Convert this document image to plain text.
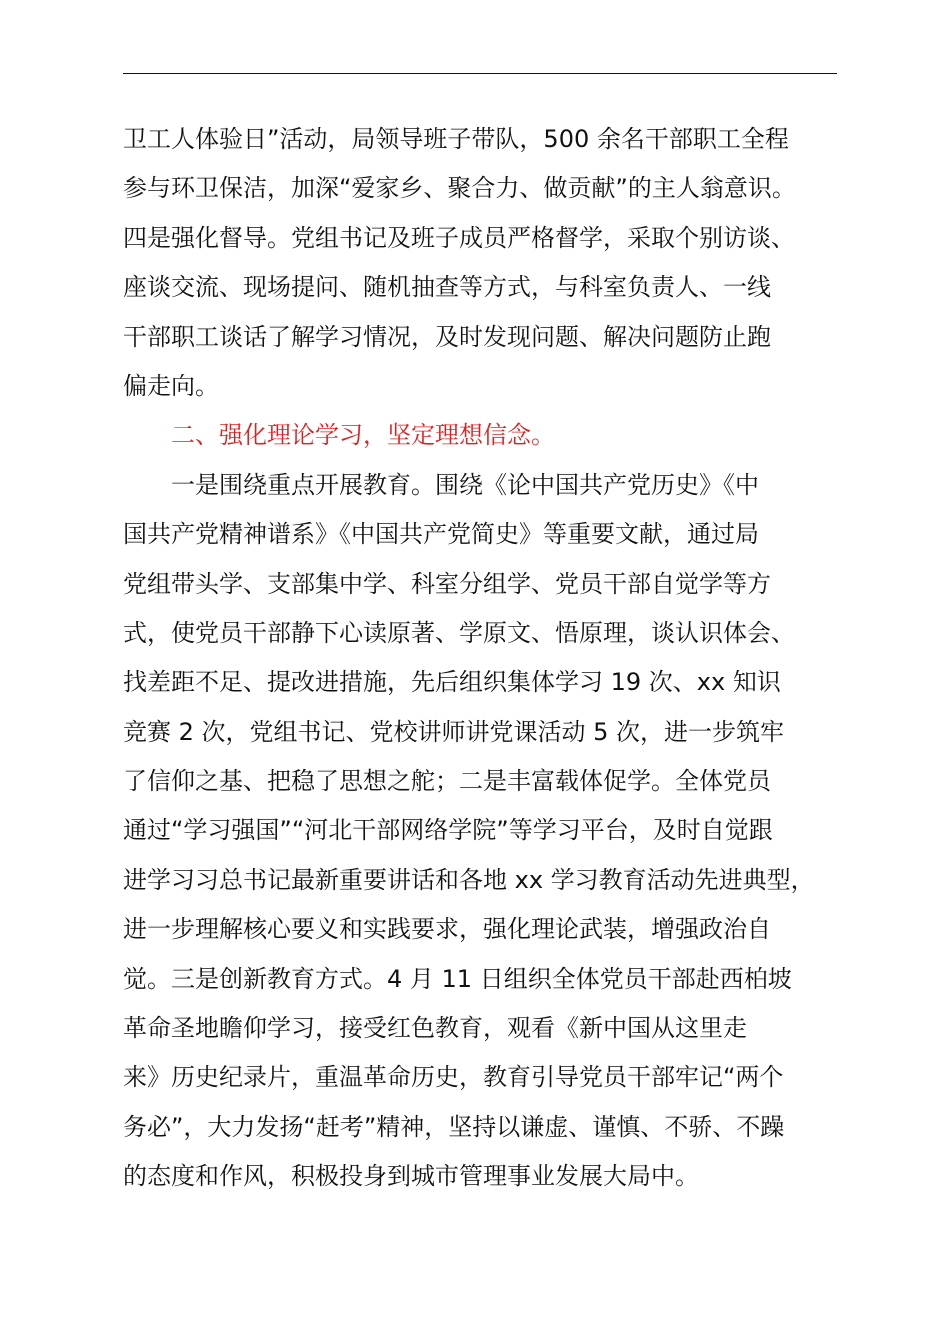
卫工人体验日”活动，局领导班子带队，500 余名干部职工全程
参与环卫保洁，加深“爱家乡、聚合力、做贡献”的主人翁意识。
四是强化督导。党组书记及班子成员严格督学，采取个别访谈、
座谈交流、现场提问、随机抽查等方式，与科室负责人、一线
干部职工谈话了解学习情况，及时发现问题、解决问题防止跑
偏走向。
二、强化理论学习，坚定理想信念。
一是围绕重点开展教育。围绕《论中国共产党历史》《中
国共产党精神谱系》《中国共产党简史》等重要文献，通过局
党组带头学、支部集中学、科室分组学、党员干部自觉学等方
式，使党员干部静下心读原著、学原文、悟原理，谈认识体会、
找差距不足、提改进措施，先后组织集体学习 19 次、xx 知识
竞赛 2 次，党组书记、党校讲师讲党课活动 5 次，进一步筑牢
了信仰之基、把稳了思想之舵；二是丰富载体促学。全体党员
通过“学习强国”“河北干部网络学院”等学习平台，及时自觉跟
进学习习总书记最新重要讲话和各地 xx 学习教育活动先进典型，
进一步理解核心要义和实践要求，强化理论武装，增强政治自
觉。三是创新教育方式。4 月 11 日组织全体党员干部赴西柏坡
革命圣地瞻仰学习，接受红色教育，观看《新中国从这里走
来》历史纪录片，重温革命历史，教育引导党员干部牢记“两个
务必”，大力发扬“赶考”精神，坚持以谦虚、谨慎、不骄、不躁
的态度和作风，积极投身到城市管理事业发展大局中。
